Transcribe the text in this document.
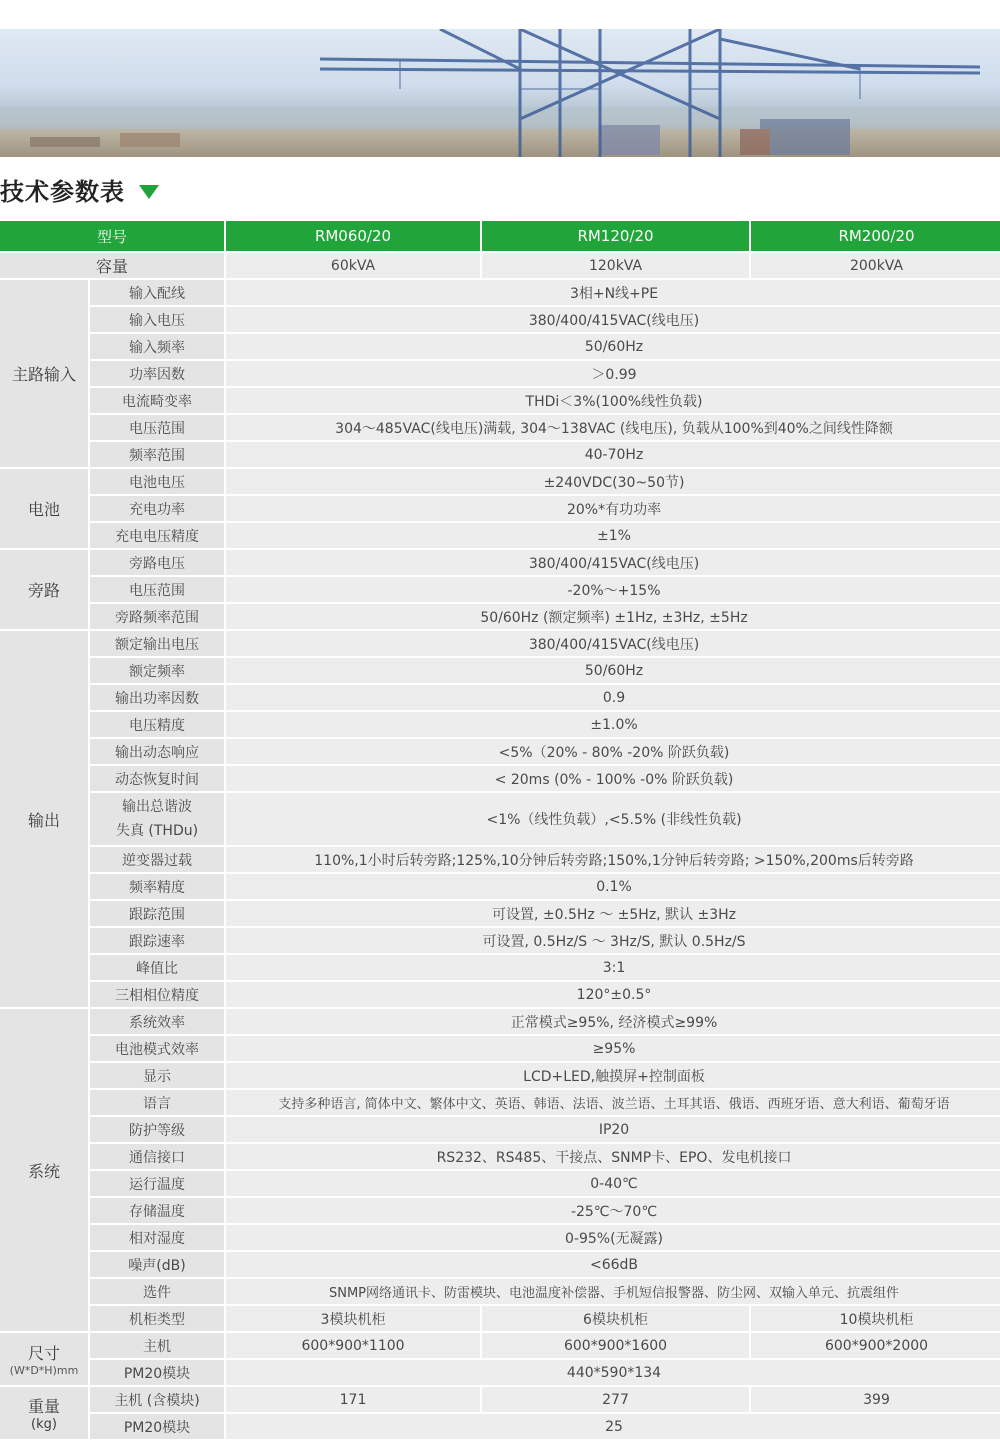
技术参数表
型号		RM060/20	RM120/20	RM200/20
容量		60kVA	120kVA	200kVA
主路输入	输入配线	3相+N线+PE		
	输入电压	380/400/415VAC(线电压)		
	输入频率	50/60Hz		
	功率因数	＞0.99		
	电流畸变率	THDi＜3%(100%线性负载)		
	电压范围	304～485VAC(线电压)满载, 304～138VAC (线电压), 负载从100%到40%之间线性降额		
	频率范围	40-70Hz		
电池	电池电压	±240VDC(30~50节)		
	充电功率	20%*有功功率		
	充电电压精度	±1%		
旁路	旁路电压	380/400/415VAC(线电压)		
	电压范围	-20%～+15%		
	旁路频率范围	50/60Hz (额定频率) ±1Hz, ±3Hz, ±5Hz		
输出	额定输出电压	380/400/415VAC(线电压)		
	额定频率	50/60Hz		
	输出功率因数	0.9		
	电压精度	±1.0%		
	输出动态响应	<5%（20% - 80% -20% 阶跃负载)		
	动态恢复时间	< 20ms (0% - 100% -0% 阶跃负载)		

	输出总谐波
失真 (THDu)	<1%（线性负载）,<5.5% (非线性负载)		
	逆变器过载	110%,1小时后转旁路;125%,10分钟后转旁路;150%,1分钟后转旁路; >150%,200ms后转旁路		
	频率精度	0.1%		
	跟踪范围	可设置, ±0.5Hz ～ ±5Hz, 默认 ±3Hz		
	跟踪速率	可设置, 0.5Hz/S ～ 3Hz/S, 默认 0.5Hz/S		
	峰值比	3:1		
	三相相位精度	120°±0.5°		
系统	系统效率	正常模式≥95%, 经济模式≥99%		
	电池模式效率	≥95%		
	显示	LCD+LED,触摸屏+控制面板		
	语言	支持多种语言, 简体中文、繁体中文、英语、韩语、法语、波兰语、土耳其语、俄语、西班牙语、意大利语、葡萄牙语		
	防护等级	IP20		
	通信接口	RS232、RS485、干接点、SNMP卡、EPO、发电机接口		
	运行温度	0-40℃		
	存储温度	-25℃～70℃		
	相对湿度	0-95%(无凝露)		
	噪声(dB)	<66dB		
	选件	SNMP网络通讯卡、防雷模块、电池温度补偿器、手机短信报警器、防尘网、双输入单元、抗震组件		
	机柜类型	3模块机柜	6模块机柜	10模块机柜

尺寸
(W*D*H)mm	主机	600*900*1100	600*900*1600	600*900*2000
	PM20模块	440*590*134		

重量
(kg)	主机 (含模块)	171	277	399
	PM20模块	25		
